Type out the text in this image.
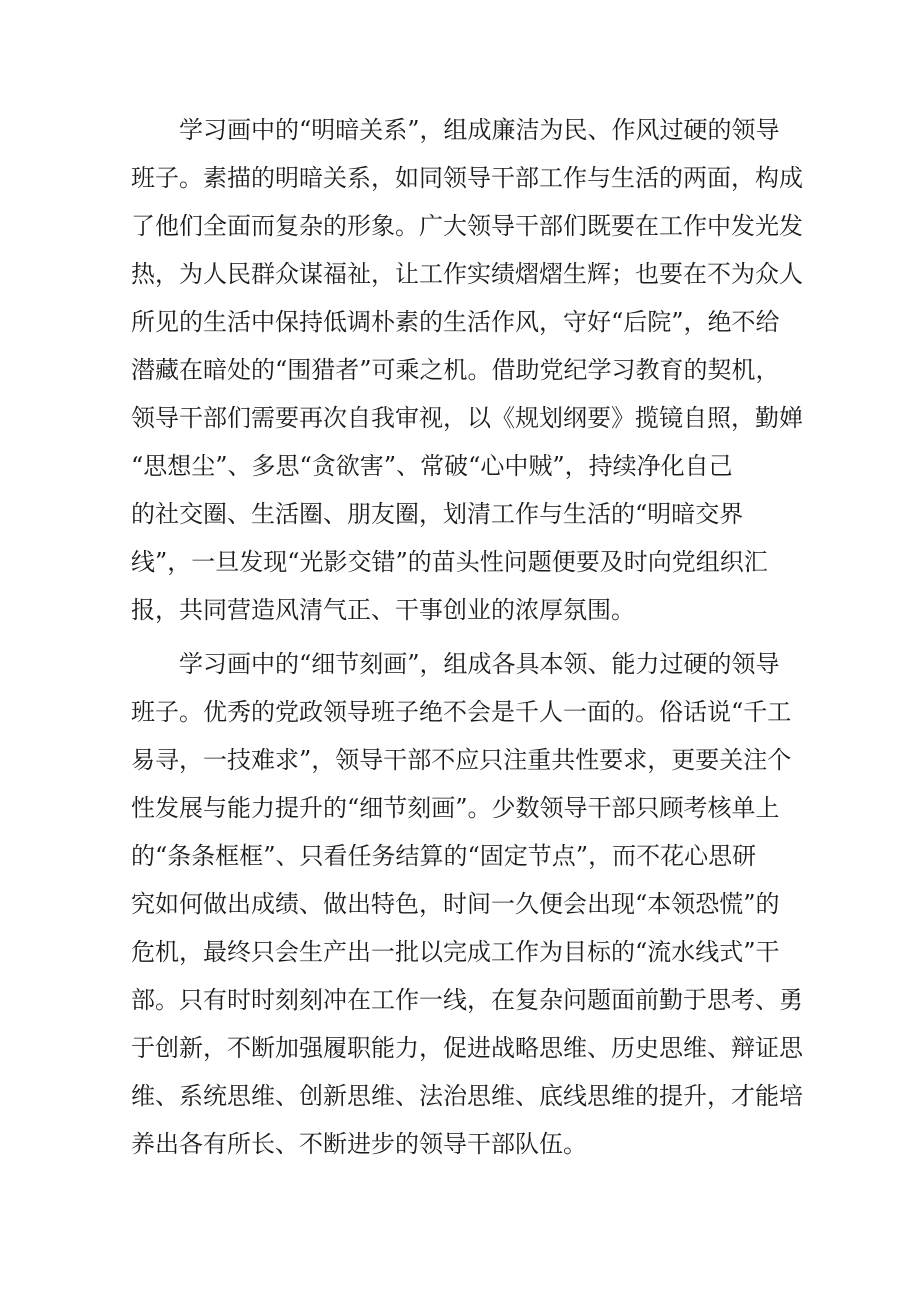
学习画中的“明暗关系”，组成廉洁为民、作风过硬的领导
班子。素描的明暗关系，如同领导干部工作与生活的两面，构成
了他们全面而复杂的形象。广大领导干部们既要在工作中发光发
热，为人民群众谋福祉，让工作实绩熠熠生辉；也要在不为众人
所见的生活中保持低调朴素的生活作风，守好“后院”，绝不给
潜藏在暗处的“围猎者”可乘之机。借助党纪学习教育的契机，
领导干部们需要再次自我审视，以《规划纲要》揽镜自照，勤婵
“思想尘”、多思“贪欲害”、常破“心中贼”，持续净化自己
的社交圈、生活圈、朋友圈，划清工作与生活的“明暗交界
线”，一旦发现“光影交错”的苗头性问题便要及时向党组织汇
报，共同营造风清气正、干事创业的浓厚氛围。
学习画中的“细节刻画”，组成各具本领、能力过硬的领导
班子。优秀的党政领导班子绝不会是千人一面的。俗话说“千工
易寻，一技难求”，领导干部不应只注重共性要求，更要关注个
性发展与能力提升的“细节刻画”。少数领导干部只顾考核单上
的“条条框框”、只看任务结算的“固定节点”，而不花心思研
究如何做出成绩、做出特色，时间一久便会出现“本领恐慌”的
危机，最终只会生产出一批以完成工作为目标的“流水线式”干
部。只有时时刻刻冲在工作一线，在复杂问题面前勤于思考、勇
于创新，不断加强履职能力，促进战略思维、历史思维、辩证思
维、系统思维、创新思维、法治思维、底线思维的提升，才能培
养出各有所长、不断进步的领导干部队伍。
